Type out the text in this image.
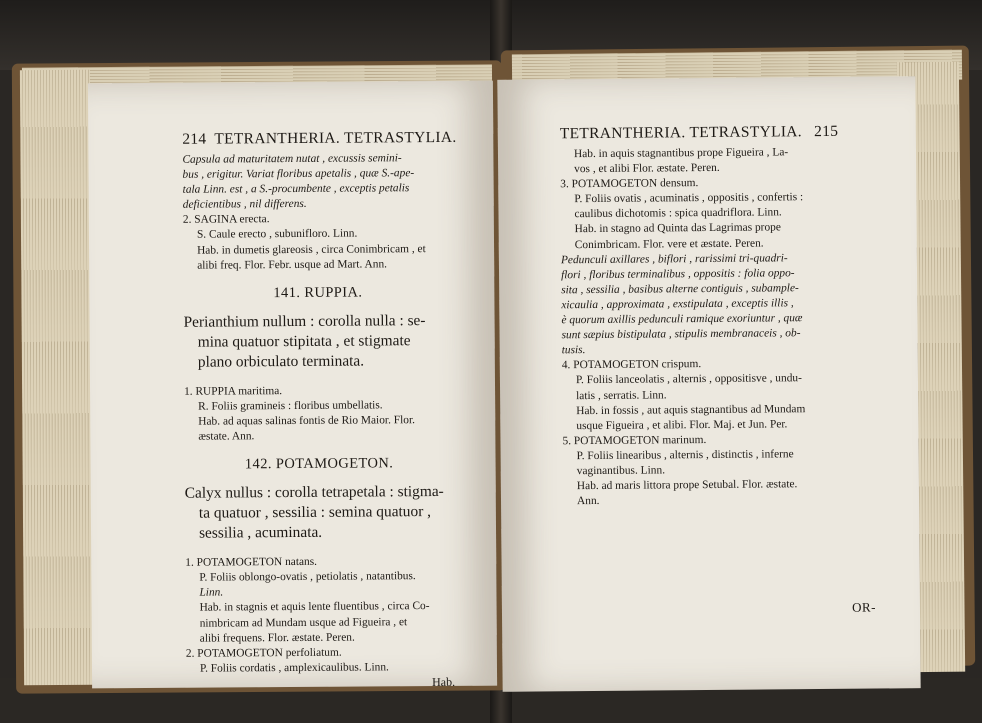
214 TETRANTHERIA. TETRASTYLIA.

Capsula ad maturitatem nutat , excussis semini-

bus , erigitur. Variat floribus apetalis , quæ S.-ape-

tala Linn. est , a S.-procumbente , exceptis petalis

deficientibus , nil differens.

2. SAGINA erecta.

S. Caule erecto , subunifloro. Linn.

Hab. in dumetis glareosis , circa Conimbricam , et

alibi freq. Flor. Febr. usque ad Mart. Ann.

141. RUPPIA.

Perianthium nullum : corolla nulla : se-

mina quatuor stipitata , et stigmate

plano orbiculato terminata.

1. RUPPIA maritima.

R. Foliis gramineis : floribus umbellatis.

Hab. ad aquas salinas fontis de Rio Maior. Flor.

æstate. Ann.

142. POTAMOGETON.

Calyx nullus : corolla tetrapetala : stigma-

ta quatuor , sessilia : semina quatuor ,

sessilia , acuminata.

1. POTAMOGETON natans.

P. Foliis oblongo-ovatis , petiolatis , natantibus.

Linn.

Hab. in stagnis et aquis lente fluentibus , circa Co-

nimbricam ad Mundam usque ad Figueira , et

alibi frequens. Flor. æstate. Peren.

2. POTAMOGETON perfoliatum.

P. Foliis cordatis , amplexicaulibus. Linn.

Hab.
TETRANTHERIA. TETRASTYLIA. 215

Hab. in aquis stagnantibus prope Figueira , La-

vos , et alibi Flor. æstate. Peren.

3. POTAMOGETON densum.

P. Foliis ovatis , acuminatis , oppositis , confertis :

caulibus dichotomis : spica quadriflora. Linn.

Hab. in stagno ad Quinta das Lagrimas prope

Conimbricam. Flor. vere et æstate. Peren.

Pedunculi axillares , biflori , rarissimi tri-quadri-

flori , floribus terminalibus , oppositis : folia oppo-

sita , sessilia , basibus alterne contiguis , subample-

xicaulia , approximata , exstipulata , exceptis illis ,

è quorum axillis pedunculi ramique exoriuntur , quæ

sunt sæpius bistipulata , stipulis membranaceis , ob-

tusis.

4. POTAMOGETON crispum.

P. Foliis lanceolatis , alternis , oppositisve , undu-

latis , serratis. Linn.

Hab. in fossis , aut aquis stagnantibus ad Mundam

usque Figueira , et alibi. Flor. Maj. et Jun. Per.

5. POTAMOGETON marinum.

P. Foliis linearibus , alternis , distinctis , inferne

vaginantibus. Linn.

Hab. ad maris littora prope Setubal. Flor. æstate.

Ann.

OR-
